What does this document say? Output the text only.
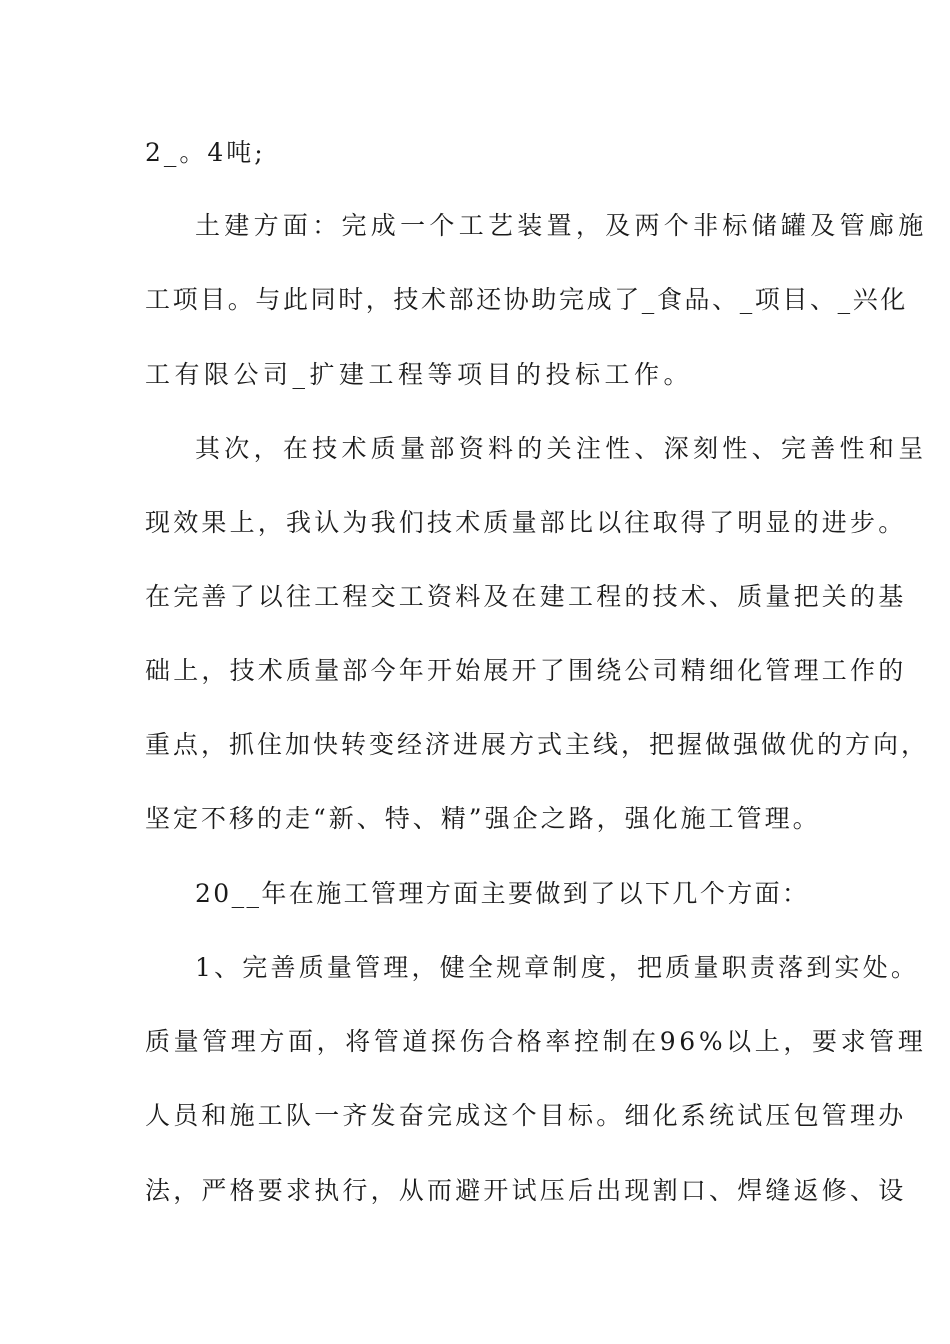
2_。4吨;
土建方面：完成一个工艺装置，及两个非标储罐及管廊施
工项目。与此同时，技术部还协助完成了_食品、_项目、_兴化
工有限公司_扩建工程等项目的投标工作。
其次，在技术质量部资料的关注性、深刻性、完善性和呈
现效果上，我认为我们技术质量部比以往取得了明显的进步。
在完善了以往工程交工资料及在建工程的技术、质量把关的基
础上，技术质量部今年开始展开了围绕公司精细化管理工作的
重点，抓住加快转变经济进展方式主线，把握做强做优的方向，
坚定不移的走“新、特、精”强企之路，强化施工管理。
20__年在施工管理方面主要做到了以下几个方面：
1、完善质量管理，健全规章制度，把质量职责落到实处。
质量管理方面，将管道探伤合格率控制在96%以上，要求管理
人员和施工队一齐发奋完成这个目标。细化系统试压包管理办
法，严格要求执行，从而避开试压后出现割口、焊缝返修、设
